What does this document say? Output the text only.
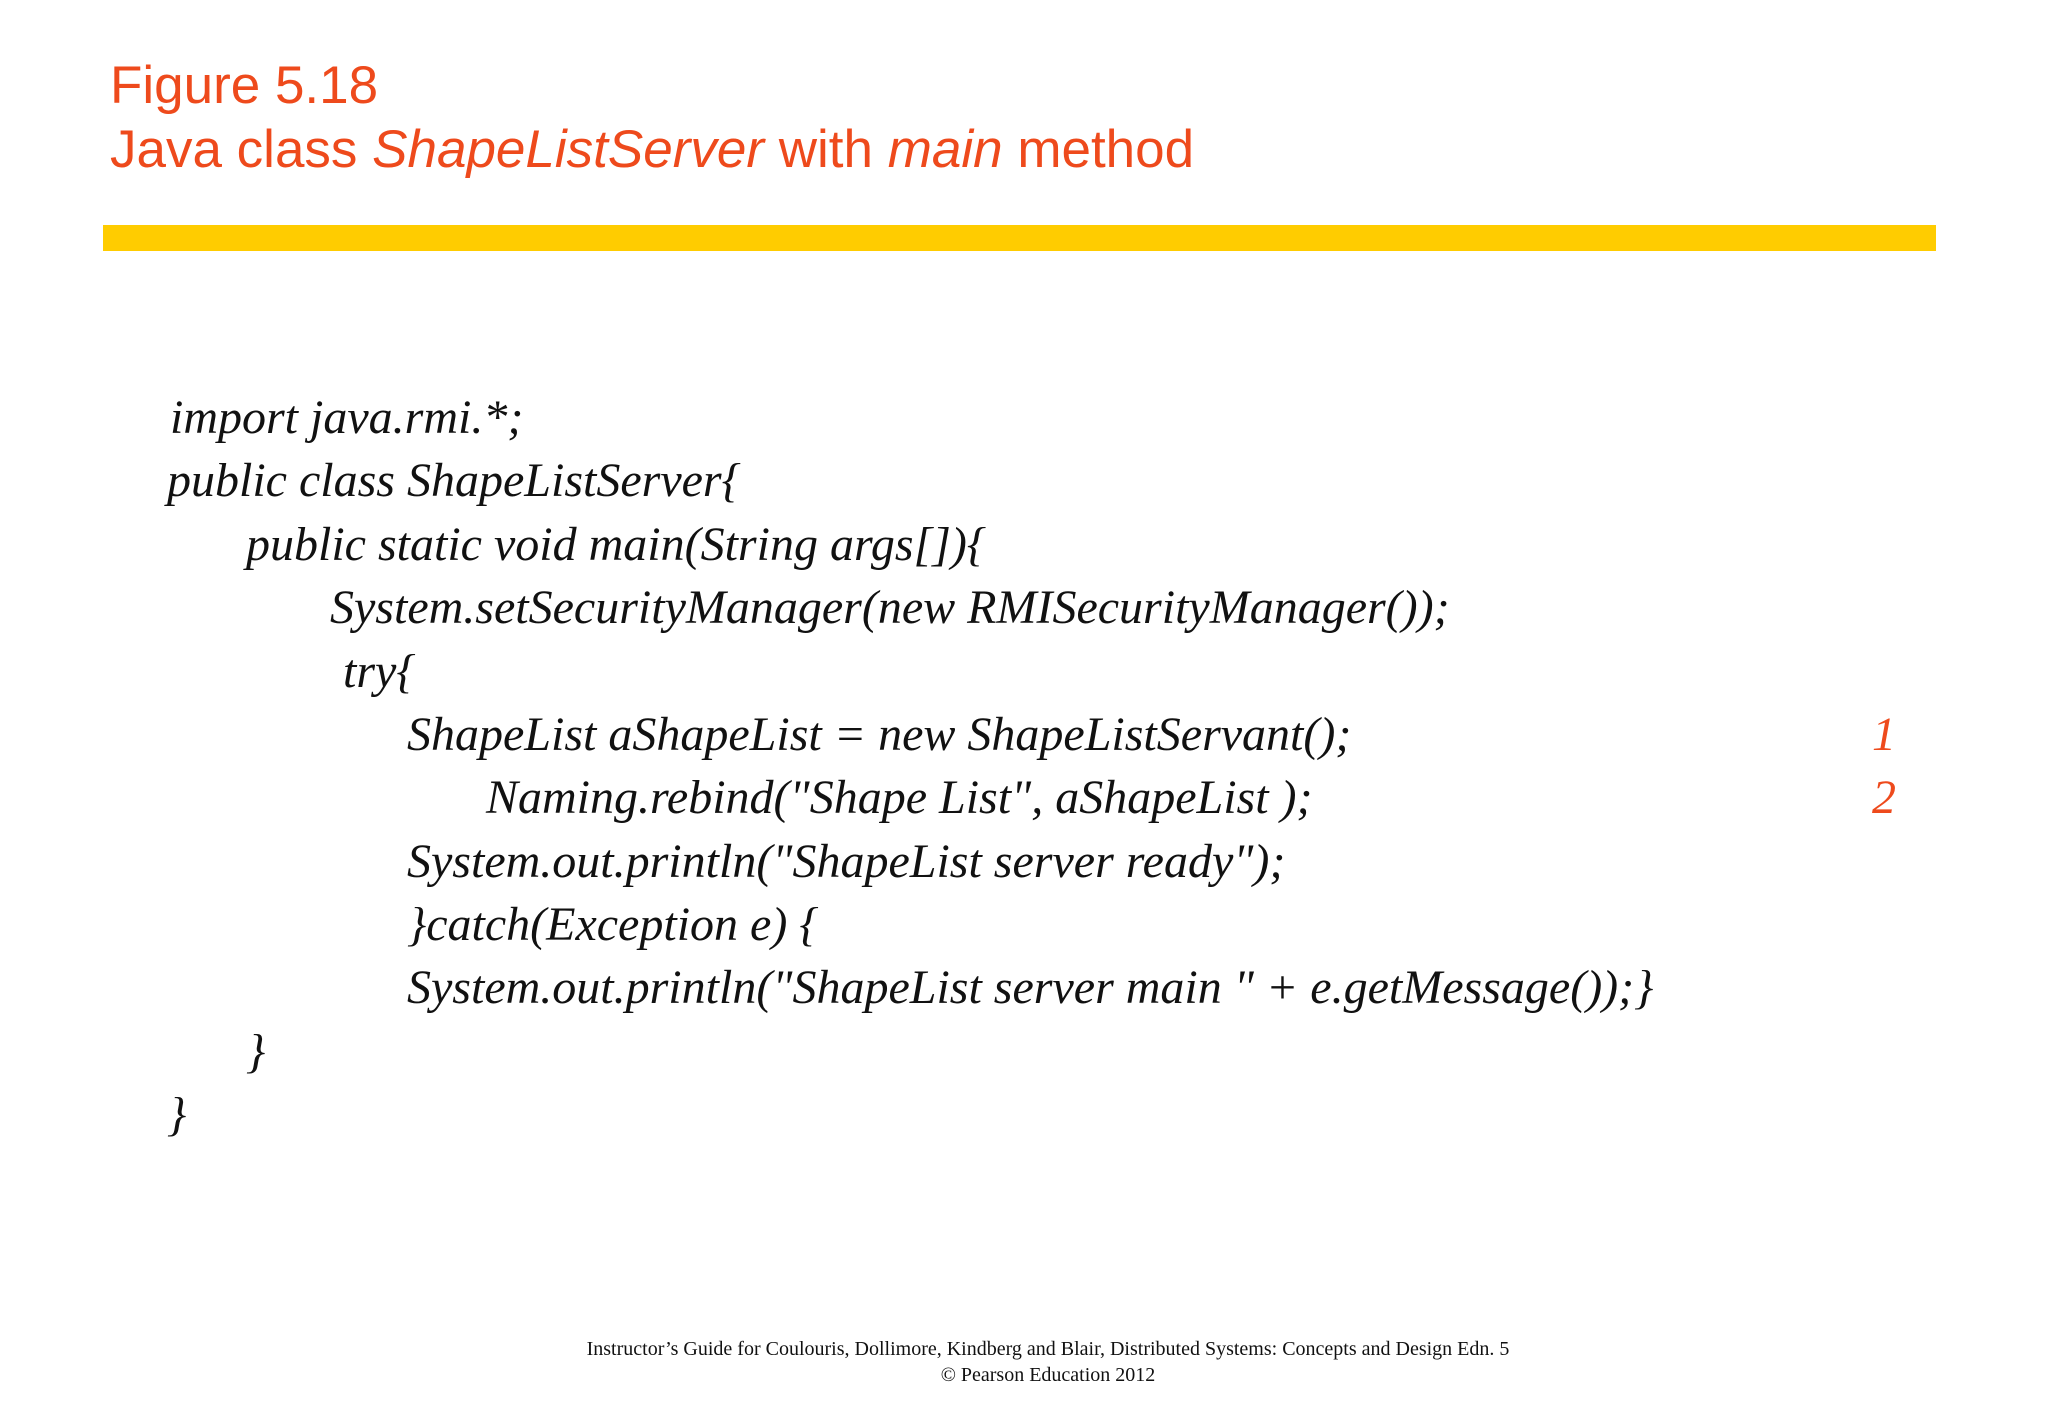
Figure 5.18
Java class ShapeListServer with main method
import java.rmi.*;
public class ShapeListServer{
public static void main(String args[]){
System.setSecurityManager(new RMISecurityManager());
try{
ShapeList aShapeList = new ShapeListServant();
Naming.rebind("Shape List", aShapeList );
System.out.println("ShapeList server ready");
}catch(Exception e) {
System.out.println("ShapeList server main " + e.getMessage());}
}
}
1
2
Instructor’s Guide for Coulouris, Dollimore, Kindberg and Blair, Distributed Systems: Concepts and Design Edn. 5
© Pearson Education 2012
